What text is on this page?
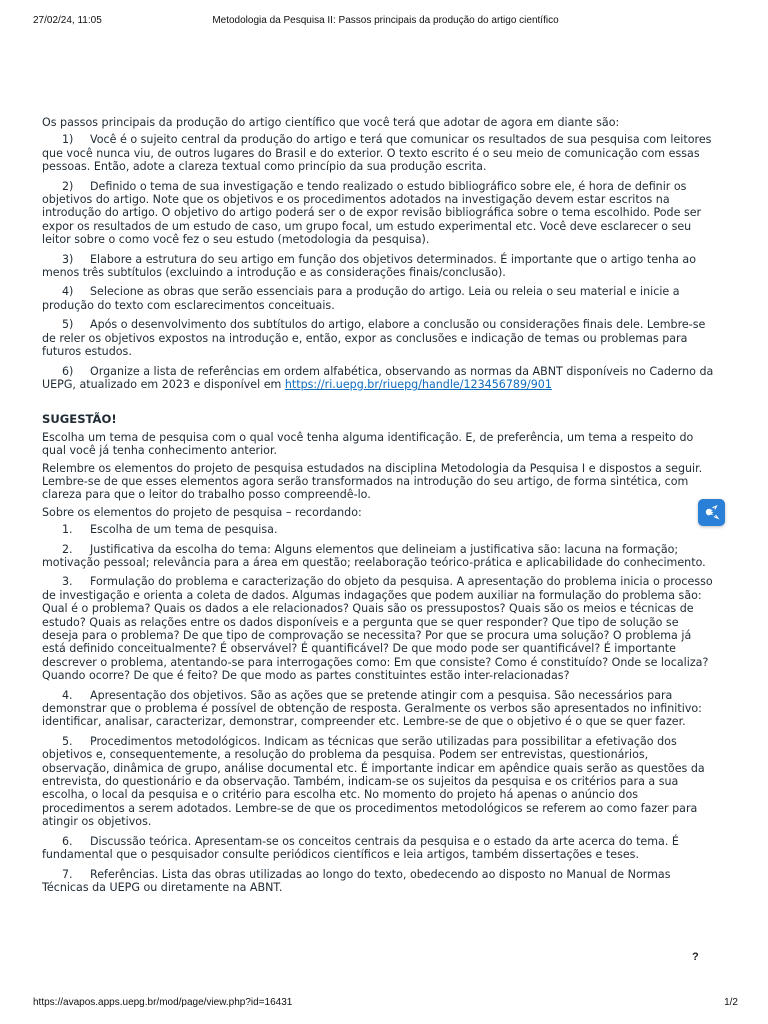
27/02/24, 11:05	Metodologia da Pesquisa II: Passos principais da produção do artigo científico

Os passos principais da produção do artigo científico que você terá que adotar de agora em diante são:

1) Você é o sujeito central da produção do artigo e terá que comunicar os resultados de sua pesquisa com leitores que você nunca viu, de outros lugares do Brasil e do exterior. O texto escrito é o seu meio de comunicação com essas pessoas. Então, adote a clareza textual como princípio da sua produção escrita.
2) Definido o tema de sua investigação e tendo realizado o estudo bibliográfico sobre ele, é hora de definir os objetivos do artigo. Note que os objetivos e os procedimentos adotados na investigação devem estar escritos na introdução do artigo. O objetivo do artigo poderá ser o de expor revisão bibliográfica sobre o tema escolhido. Pode ser expor os resultados de um estudo de caso, um grupo focal, um estudo experimental etc. Você deve esclarecer o seu leitor sobre o como você fez o seu estudo (metodologia da pesquisa).
3) Elabore a estrutura do seu artigo em função dos objetivos determinados. É importante que o artigo tenha ao menos três subtítulos (excluindo a introdução e as considerações finais/conclusão).
4) Selecione as obras que serão essenciais para a produção do artigo. Leia ou releia o seu material e inicie a produção do texto com esclarecimentos conceituais.
5) Após o desenvolvimento dos subtítulos do artigo, elabore a conclusão ou considerações finais dele. Lembre-se de reler os objetivos expostos na introdução e, então, expor as conclusões e indicação de temas ou problemas para futuros estudos.
6) Organize a lista de referências em ordem alfabética, observando as normas da ABNT disponíveis no Caderno da UEPG, atualizado em 2023 e disponível em https://ri.uepg.br/riuepg/handle/123456789/901
SUGESTÃO!

Escolha um tema de pesquisa com o qual você tenha alguma identificação. E, de preferência, um tema a respeito do qual você já tenha conhecimento anterior.

Relembre os elementos do projeto de pesquisa estudados na disciplina Metodologia da Pesquisa I e dispostos a seguir. Lembre-se de que esses elementos agora serão transformados na introdução do seu artigo, de forma sintética, com clareza para que o leitor do trabalho posso compreendê-lo.

Sobre os elementos do projeto de pesquisa – recordando:

1. Escolha de um tema de pesquisa.
2. Justificativa da escolha do tema: Alguns elementos que delineiam a justificativa são: lacuna na formação; motivação pessoal; relevância para a área em questão; reelaboração teórico-prática e aplicabilidade do conhecimento.
3. Formulação do problema e caracterização do objeto da pesquisa. A apresentação do problema inicia o processo de investigação e orienta a coleta de dados. Algumas indagações que podem auxiliar na formulação do problema são: Qual é o problema? Quais os dados a ele relacionados? Quais são os pressupostos? Quais são os meios e técnicas de estudo? Quais as relações entre os dados disponíveis e a pergunta que se quer responder? Que tipo de solução se deseja para o problema? De que tipo de comprovação se necessita? Por que se procura uma solução? O problema já está definido conceitualmente? É observável? É quantificável? De que modo pode ser quantificável? É importante descrever o problema, atentando-se para interrogações como: Em que consiste? Como é constituído? Onde se localiza? Quando ocorre? De que é feito? De que modo as partes constituintes estão inter-relacionadas?
4. Apresentação dos objetivos. São as ações que se pretende atingir com a pesquisa. São necessários para demonstrar que o problema é possível de obtenção de resposta. Geralmente os verbos são apresentados no infinitivo: identificar, analisar, caracterizar, demonstrar, compreender etc. Lembre-se de que o objetivo é o que se quer fazer.
5. Procedimentos metodológicos. Indicam as técnicas que serão utilizadas para possibilitar a efetivação dos objetivos e, consequentemente, a resolução do problema da pesquisa. Podem ser entrevistas, questionários, observação, dinâmica de grupo, análise documental etc. É importante indicar em apêndice quais serão as questões da entrevista, do questionário e da observação. Também, indicam-se os sujeitos da pesquisa e os critérios para a sua escolha, o local da pesquisa e o critério para escolha etc. No momento do projeto há apenas o anúncio dos procedimentos a serem adotados. Lembre-se de que os procedimentos metodológicos se referem ao como fazer para atingir os objetivos.
6. Discussão teórica. Apresentam-se os conceitos centrais da pesquisa e o estado da arte acerca do tema. É fundamental que o pesquisador consulte periódicos científicos e leia artigos, também dissertações e teses.
7. Referências. Lista das obras utilizadas ao longo do texto, obedecendo ao disposto no Manual de Normas Técnicas da UEPG ou diretamente na ABNT.
?
https://avapos.apps.uepg.br/mod/page/view.php?id=16431	1/2
